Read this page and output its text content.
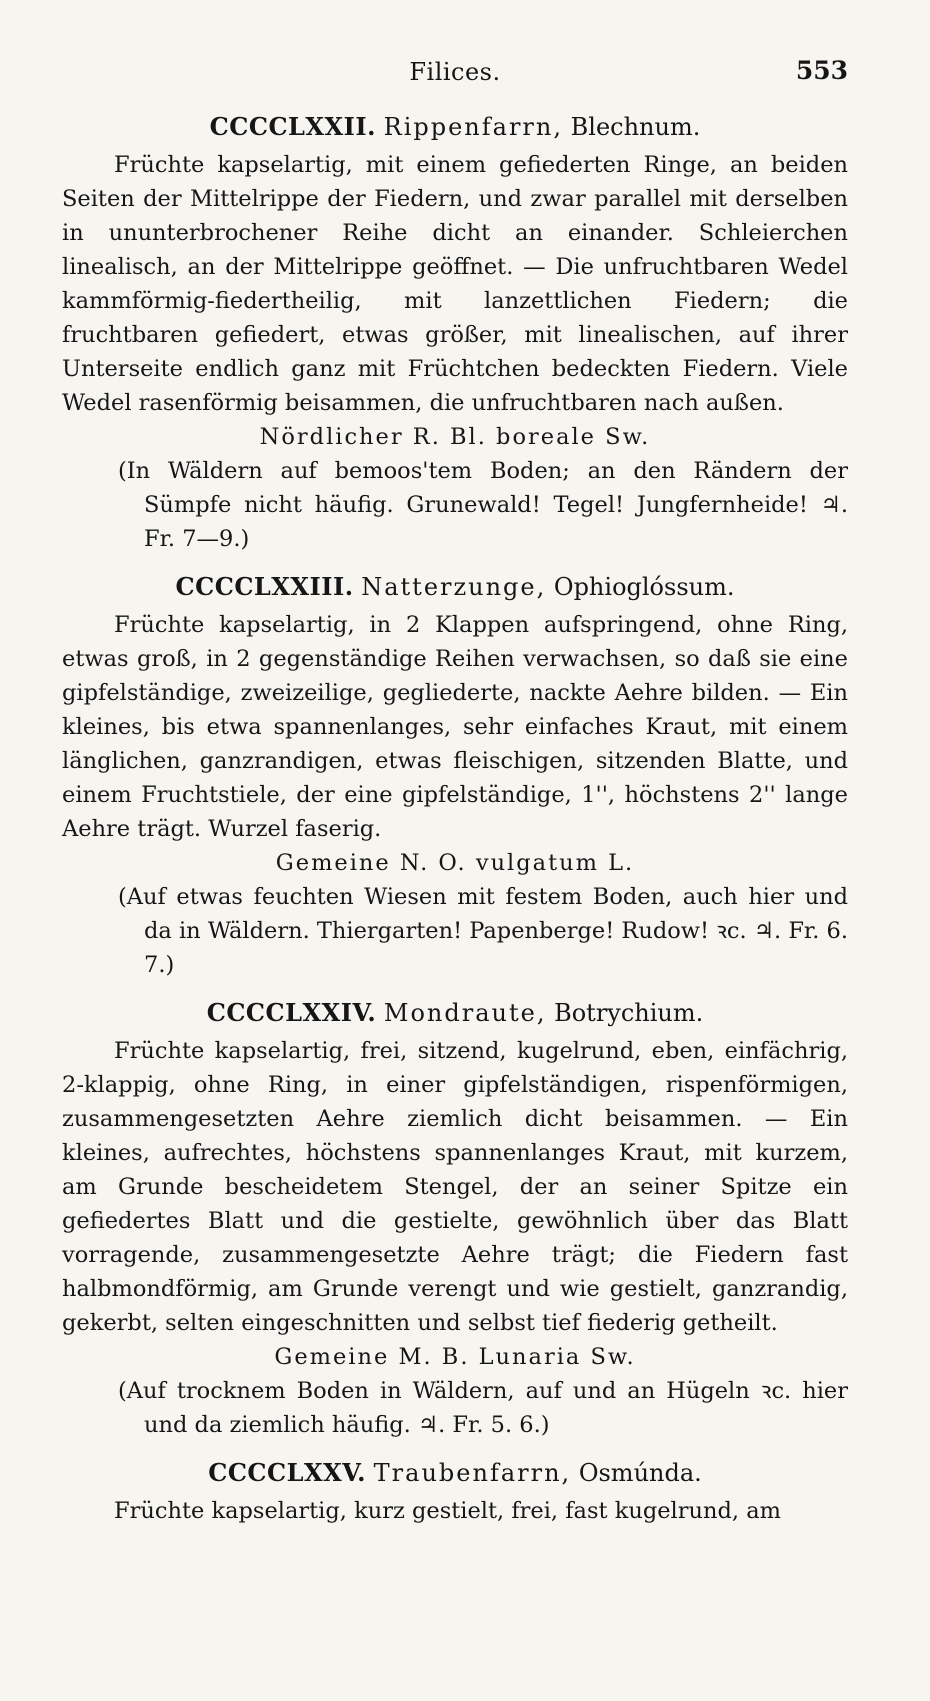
Filices.	553
CCCCLXXII. Rippenfarrn, Blechnum.

Früchte kapselartig, mit einem gefiederten Ringe, an beiden Seiten der Mittelrippe der Fiedern, und zwar parallel mit derselben in ununterbrochener Reihe dicht an einander. Schleierchen linealisch, an der Mittelrippe geöffnet. — Die unfruchtbaren Wedel kammförmig-fiedertheilig, mit lanzettlichen Fiedern; die fruchtbaren gefiedert, etwas größer, mit linealischen, auf ihrer Unterseite endlich ganz mit Früchtchen bedeckten Fiedern. Viele Wedel rasenförmig beisammen, die unfruchtbaren nach außen.

Nördlicher R. Bl. boreale Sw.

(In Wäldern auf bemoos'tem Boden; an den Rändern der Sümpfe nicht häufig. Grunewald! Tegel! Jungfernheide! ♃. Fr. 7—9.)

CCCCLXXIII. Natterzunge, Ophioglóssum.

Früchte kapselartig, in 2 Klappen aufspringend, ohne Ring, etwas groß, in 2 gegenständige Reihen verwachsen, so daß sie eine gipfelständige, zweizeilige, gegliederte, nackte Aehre bilden. — Ein kleines, bis etwa spannenlanges, sehr einfaches Kraut, mit einem länglichen, ganzrandigen, etwas fleischigen, sitzenden Blatte, und einem Fruchtstiele, der eine gipfelständige, 1'', höchstens 2'' lange Aehre trägt. Wurzel faserig.

Gemeine N. O. vulgatum L.

(Auf etwas feuchten Wiesen mit festem Boden, auch hier und da in Wäldern. Thiergarten! Papenberge! Rudow! ꝛc. ♃. Fr. 6. 7.)

CCCCLXXIV. Mondraute, Botrychium.

Früchte kapselartig, frei, sitzend, kugelrund, eben, einfächrig, 2-klappig, ohne Ring, in einer gipfelständigen, rispenförmigen, zusammengesetzten Aehre ziemlich dicht beisammen. — Ein kleines, aufrechtes, höchstens spannenlanges Kraut, mit kurzem, am Grunde bescheidetem Stengel, der an seiner Spitze ein gefiedertes Blatt und die gestielte, gewöhnlich über das Blatt vorragende, zusammengesetzte Aehre trägt; die Fiedern fast halbmondförmig, am Grunde verengt und wie gestielt, ganzrandig, gekerbt, selten eingeschnitten und selbst tief fiederig getheilt.

Gemeine M. B. Lunaria Sw.

(Auf trocknem Boden in Wäldern, auf und an Hügeln ꝛc. hier und da ziemlich häufig. ♃. Fr. 5. 6.)

CCCCLXXV. Traubenfarrn, Osmúnda.

Früchte kapselartig, kurz gestielt, frei, fast kugelrund, am
